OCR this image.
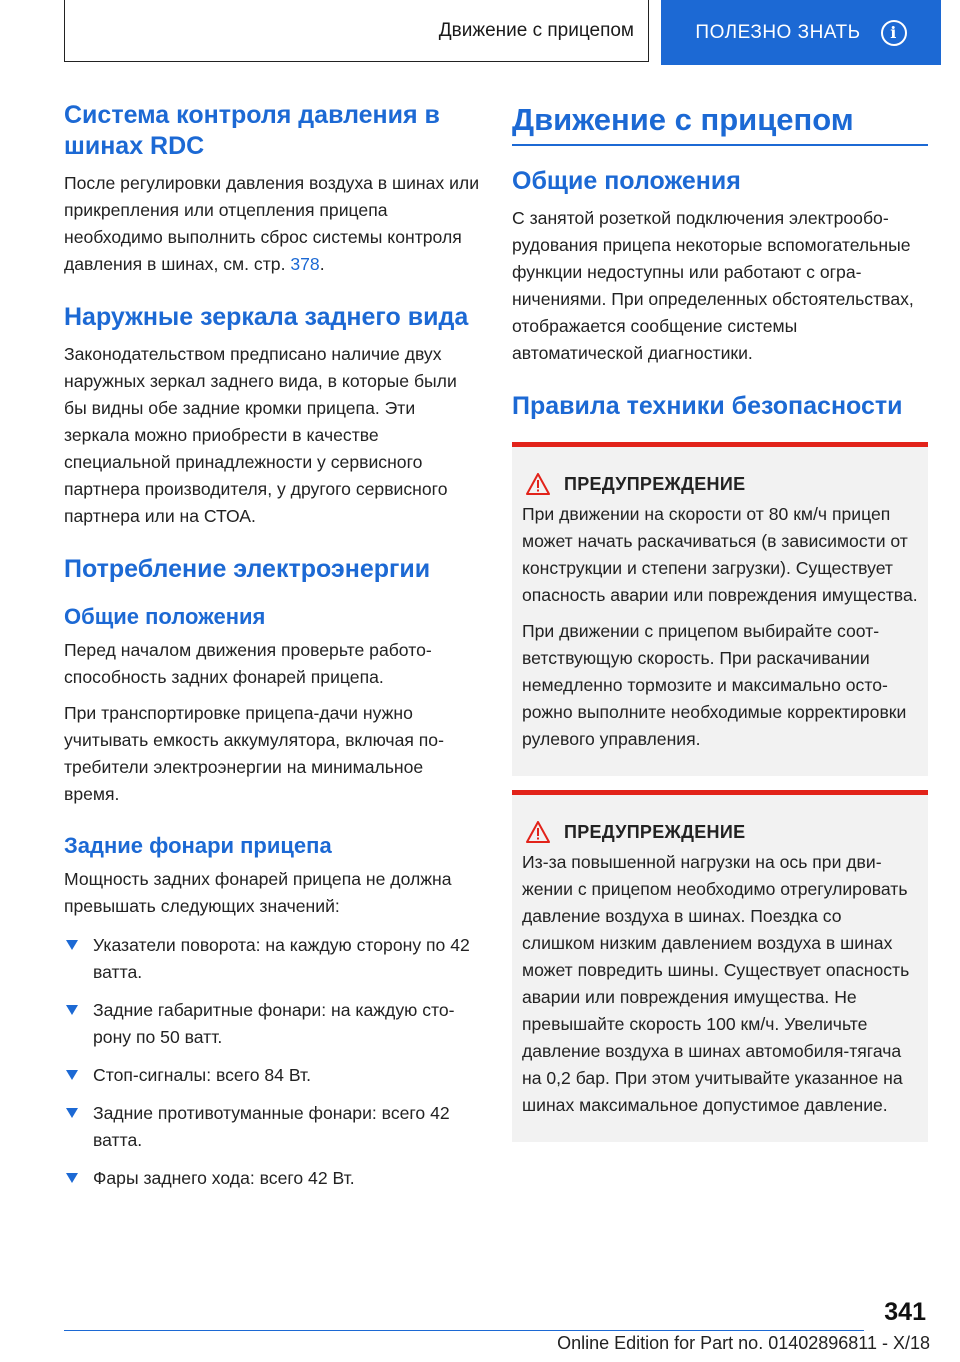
Движение с прицепом	ПОЛЕЗНО ЗНАТЬ	i
Система контроля давления в шинах RDC

После регулировки давления воздуха в шинах или прикрепления или отцепления прицепа необходимо выполнить сброс системы контроля давления в шинах, см. стр. 378.

Наружные зеркала заднего вида

Законодательством предписано наличие двух наружных зеркал заднего вида, в которые были бы видны обе задние кромки прицепа. Эти зеркала можно приобрести в качестве специальной принадлежности у сервисного партнера производителя, у другого сервисного партнера или на СТОА.

Потребление электроэнергии
Общие положения

Перед началом движения проверьте работоспособность задних фонарей прицепа.

При транспортировке прицепа-дачи нужно учитывать емкость аккумулятора, включая потребители электроэнергии на минимальное время.

Задние фонари прицепа

Мощность задних фонарей прицепа не должна превышать следующих значений:

Указатели поворота: на каждую сторону по 42 ватта.
Задние габаритные фонари: на каждую сторону по 50 ватт.
Стоп-сигналы: всего 84 Вт.
Задние противотуманные фонари: всего 42 ватта.
Фары заднего хода: всего 42 Вт.
Движение с прицепом
Общие положения

С занятой розеткой подключения электрооборудования прицепа некоторые вспомогательные функции недоступны или работают с ограничениями. При определенных обстоятельствах, отображается сообщение системы автоматической диагностики.

Правила техники безопасности
ПРЕДУПРЕЖДЕНИЕ

При движении на скорости от 80 км/ч прицеп может начать раскачиваться (в зависимости от конструкции и степени загрузки). Существует опасность аварии или повреждения имущества.

При движении с прицепом выбирайте соответствующую скорость. При раскачивании немедленно тормозите и максимально осторожно выполните необходимые корректировки рулевого управления.

ПРЕДУПРЕЖДЕНИЕ

Из-за повышенной нагрузки на ось при движении с прицепом необходимо отрегулировать давление воздуха в шинах. Поездка со слишком низким давлением воздуха в шинах может повредить шины. Существует опасность аварии или повреждения имущества. Не превышайте скорость 100 км/ч. Увеличьте давление воздуха в шинах автомобиля-тягача на 0,2 бар. При этом учитывайте указанное на шинах максимальное допустимое давление.

341
Online Edition for Part no. 01402896811 - X/18
